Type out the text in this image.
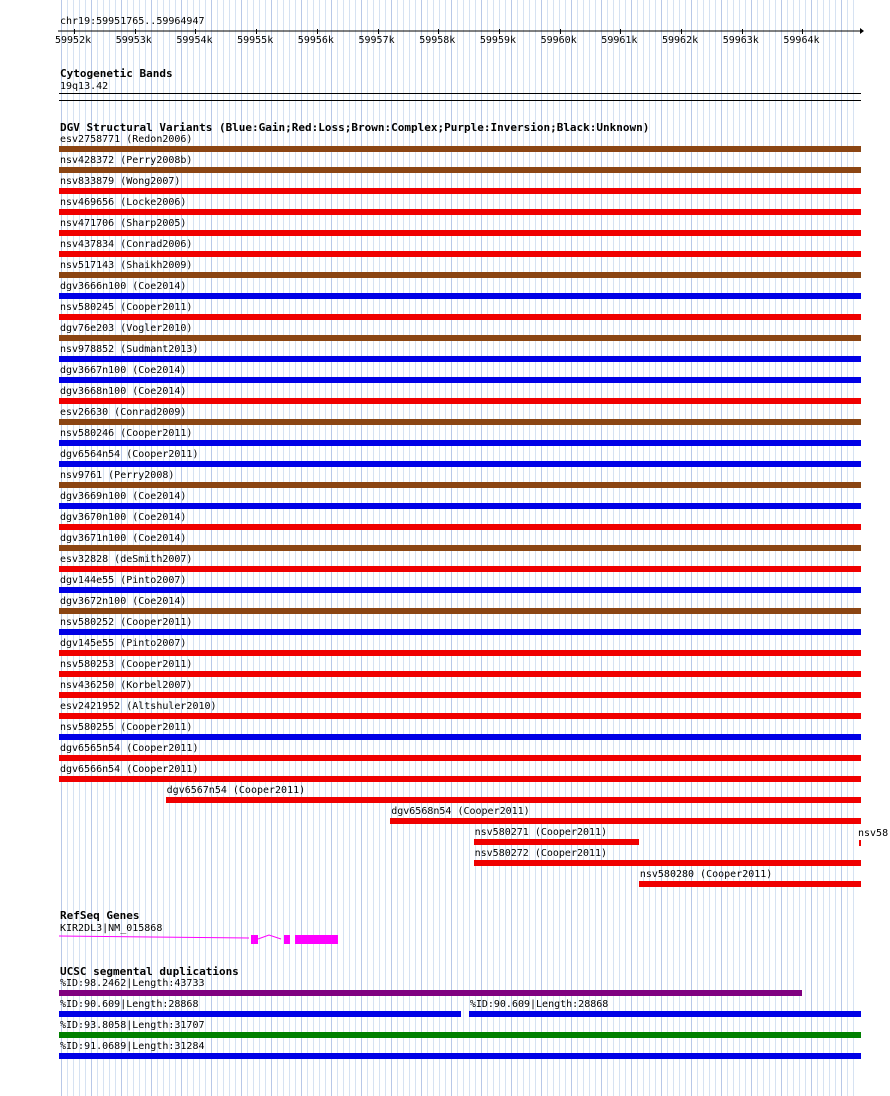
chr19:59951765..59964947
59952k 59953k 59954k 59955k 59956k 59957k 59958k 59959k 59960k 59961k 59962k 59963k 59964k
Cytogenetic Bands
19q13.42
DGV Structural Variants (Blue:Gain;Red:Loss;Brown:Complex;Purple:Inversion;Black:Unknown)
esv2758771 (Redon2006)
nsv428372 (Perry2008b)
nsv833879 (Wong2007)
nsv469656 (Locke2006)
nsv471706 (Sharp2005)
nsv437834 (Conrad2006)
nsv517143 (Shaikh2009)
dgv3666n100 (Coe2014)
nsv580245 (Cooper2011)
dgv76e203 (Vogler2010)
nsv978852 (Sudmant2013)
dgv3667n100 (Coe2014)
dgv3668n100 (Coe2014)
esv26630 (Conrad2009)
nsv580246 (Cooper2011)
dgv6564n54 (Cooper2011)
nsv9761 (Perry2008)
dgv3669n100 (Coe2014)
dgv3670n100 (Coe2014)
dgv3671n100 (Coe2014)
esv32828 (deSmith2007)
dgv144e55 (Pinto2007)
dgv3672n100 (Coe2014)
nsv580252 (Cooper2011)
dgv145e55 (Pinto2007)
nsv580253 (Cooper2011)
nsv436250 (Korbel2007)
esv2421952 (Altshuler2010)
nsv580255 (Cooper2011)
dgv6565n54 (Cooper2011)
dgv6566n54 (Cooper2011)
dgv6567n54 (Cooper2011)
dgv6568n54 (Cooper2011)
nsv580271 (Cooper2011)
nsv580272 (Cooper2011)
nsv580280 (Cooper2011)
nsv58
RefSeq Genes
KIR2DL3|NM_015868
UCSC segmental duplications
%ID:98.2462|Length:43733
%ID:90.609|Length:28868	%ID:90.609|Length:28868
%ID:93.8058|Length:31707
%ID:91.0689|Length:31284
